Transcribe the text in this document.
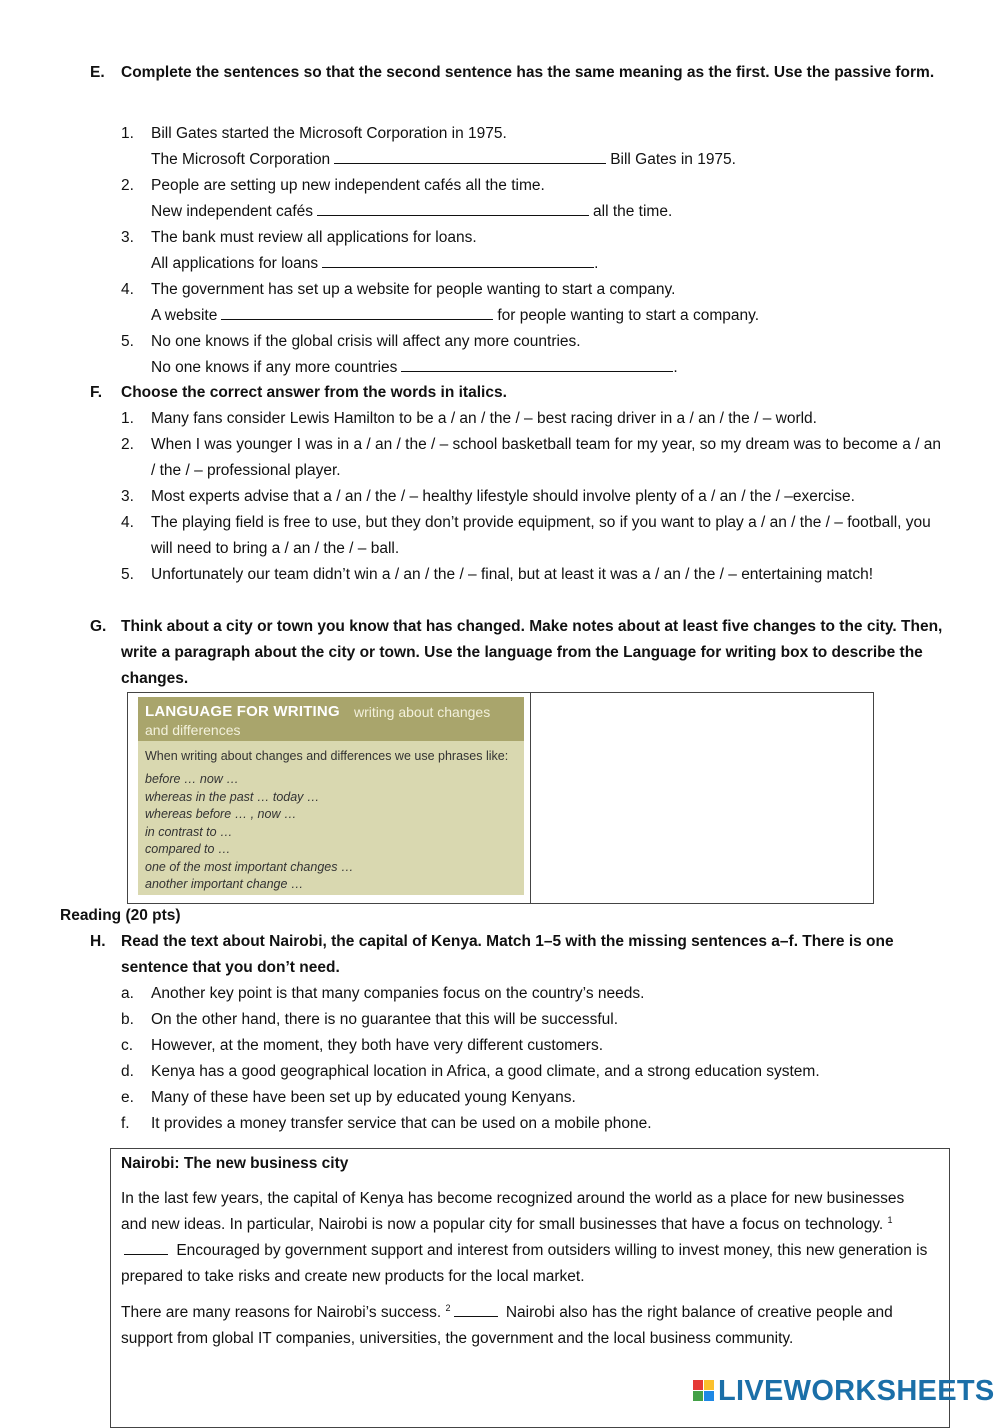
E. Complete the sentences so that the second sentence has the same meaning as the first. Use the passive form.
1. Bill Gates started the Microsoft Corporation in 1975.
The Microsoft Corporation	Bill Gates in 1975.
2. People are setting up new independent cafés all the time.
New independent cafés	all the time.
3. The bank must review all applications for loans.
All applications for loans	.
4. The government has set up a website for people wanting to start a company.
A website	for people wanting to start a company.
5. No one knows if the global crisis will affect any more countries.
No one knows if any more countries	.
F. Choose the correct answer from the words in italics.
1. Many fans consider Lewis Hamilton to be a / an / the / – best racing driver in a / an / the / – world.
2. When I was younger I was in a / an / the / – school basketball team for my year, so my dream was to become a / an / the / – professional player.
3. Most experts advise that a / an / the / – healthy lifestyle should involve plenty of a / an / the / –exercise.
4. The playing field is free to use, but they don’t provide equipment, so if you want to play a / an / the / – football, you will need to bring a / an / the / – ball.
5. Unfortunately our team didn’t win a / an / the / – final, but at least it was a / an / the / – entertaining match!
G. Think about a city or town you know that has changed. Make notes about at least five changes to the city. Then, write a paragraph about the city or town. Use the language from the Language for writing box to describe the changes.
LANGUAGE FOR WRITING writing about changes
and differences
When writing about changes and differences we use phrases like:
before … now …
whereas in the past … today …
whereas before … , now …
in contrast to …
compared to …
one of the most important changes …
another important change …
Reading (20 pts)
H. Read the text about Nairobi, the capital of Kenya. Match 1–5 with the missing sentences a–f. There is one sentence that you don’t need.
a. Another key point is that many companies focus on the country’s needs.
b. On the other hand, there is no guarantee that this will be successful.
c. However, at the moment, they both have very different customers.
d. Kenya has a good geographical location in Africa, a good climate, and a strong education system.
e. Many of these have been set up by educated young Kenyans.
f. It provides a money transfer service that can be used on a mobile phone.
Nairobi: The new business city
In the last few years, the capital of Kenya has become recognized around the world as a place for new businesses and new ideas. In particular, Nairobi is now a popular city for small businesses that have a focus on technology. $^1$ Encouraged by government support and interest from outsiders willing to invest money, this new generation is prepared to take risks and create new products for the local market.
There are many reasons for Nairobi’s success. $^2$	Nairobi also has the right balance of creative people and support from global IT companies, universities, the government and the local business community.
LIVEWORKSHEETS
